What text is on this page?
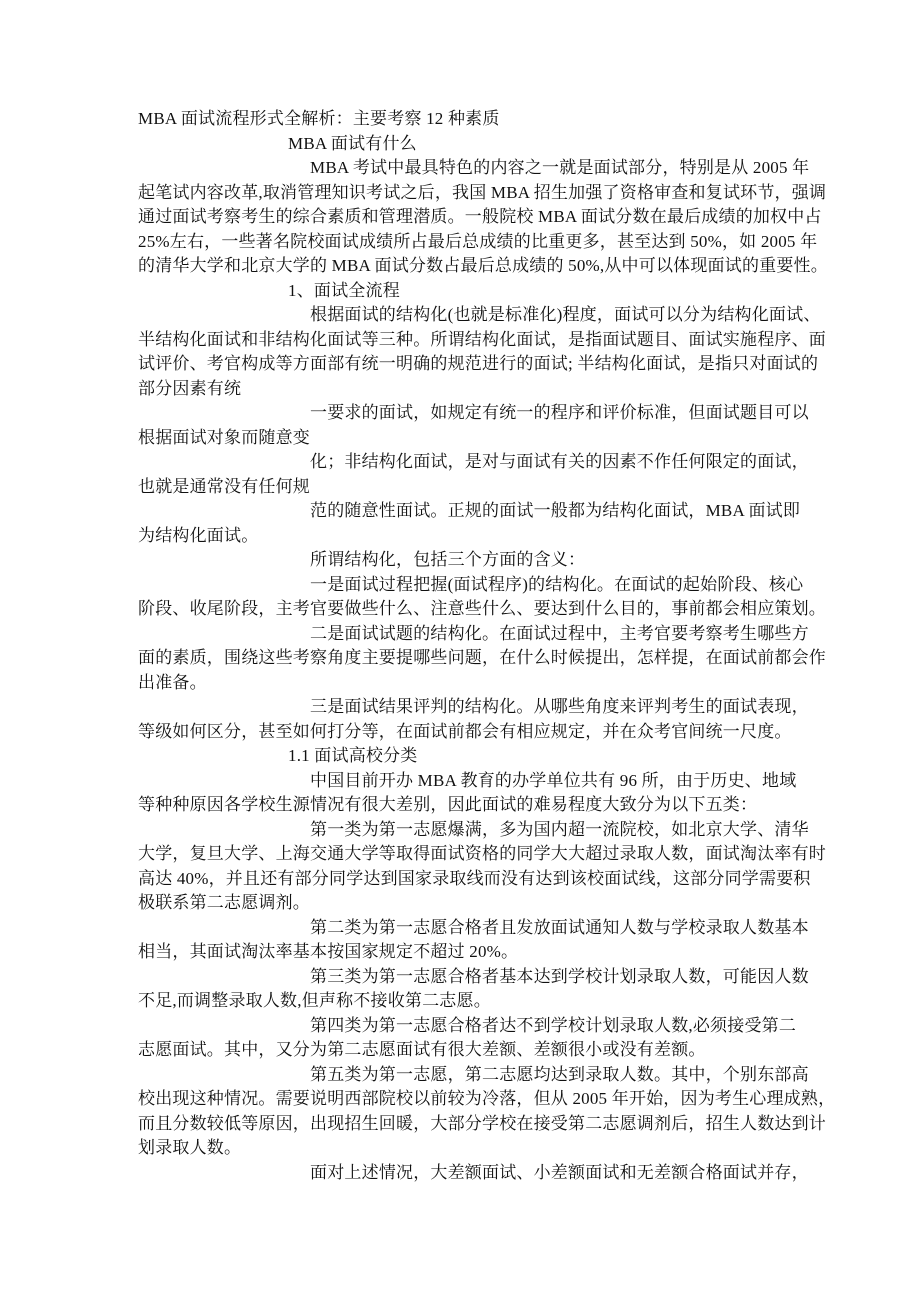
MBA 面试流程形式全解析：主要考察 12 种素质
MBA 面试有什么
MBA 考试中最具特色的内容之一就是面试部分，特别是从 2005 年
起笔试内容改革,取消管理知识考试之后，我国 MBA 招生加强了资格审查和复试环节，强调
通过面试考察考生的综合素质和管理潜质。一般院校 MBA 面试分数在最后成绩的加权中占
25%左右，一些著名院校面试成绩所占最后总成绩的比重更多，甚至达到 50%，如 2005 年
的清华大学和北京大学的 MBA 面试分数占最后总成绩的 50%,从中可以体现面试的重要性。
1、面试全流程
根据面试的结构化(也就是标准化)程度，面试可以分为结构化面试、
半结构化面试和非结构化面试等三种。所谓结构化面试，是指面试题目、面试实施程序、面
试评价、考官构成等方面部有统一明确的规范进行的面试; 半结构化面试，是指只对面试的
部分因素有统
一要求的面试，如规定有统一的程序和评价标准，但面试题目可以
根据面试对象而随意变
化；非结构化面试，是对与面试有关的因素不作任何限定的面试，
也就是通常没有任何规
范的随意性面试。正规的面试一般都为结构化面试，MBA 面试即
为结构化面试。
所谓结构化，包括三个方面的含义：
一是面试过程把握(面试程序)的结构化。在面试的起始阶段、核心
阶段、收尾阶段，主考官要做些什么、注意些什么、要达到什么目的，事前都会相应策划。
二是面试试题的结构化。在面试过程中，主考官要考察考生哪些方
面的素质，围绕这些考察角度主要提哪些问题，在什么时候提出，怎样提，在面试前都会作
出准备。
三是面试结果评判的结构化。从哪些角度来评判考生的面试表现，
等级如何区分，甚至如何打分等，在面试前都会有相应规定，并在众考官间统一尺度。
1.1 面试高校分类
中国目前开办 MBA 教育的办学单位共有 96 所，由于历史、地域
等种种原因各学校生源情况有很大差别，因此面试的难易程度大致分为以下五类：
第一类为第一志愿爆满，多为国内超一流院校，如北京大学、清华
大学，复旦大学、上海交通大学等取得面试资格的同学大大超过录取人数，面试淘汰率有时
高达 40%，并且还有部分同学达到国家录取线而没有达到该校面试线，这部分同学需要积
极联系第二志愿调剂。
第二类为第一志愿合格者且发放面试通知人数与学校录取人数基本
相当，其面试淘汰率基本按国家规定不超过 20%。
第三类为第一志愿合格者基本达到学校计划录取人数，可能因人数
不足,而调整录取人数,但声称不接收第二志愿。
第四类为第一志愿合格者达不到学校计划录取人数,必须接受第二
志愿面试。其中，又分为第二志愿面试有很大差额、差额很小或没有差额。
第五类为第一志愿，第二志愿均达到录取人数。其中，个别东部高
校出现这种情况。需要说明西部院校以前较为冷落，但从 2005 年开始，因为考生心理成熟，
而且分数较低等原因，出现招生回暖，大部分学校在接受第二志愿调剂后，招生人数达到计
划录取人数。
面对上述情况，大差额面试、小差额面试和无差额合格面试并存，
